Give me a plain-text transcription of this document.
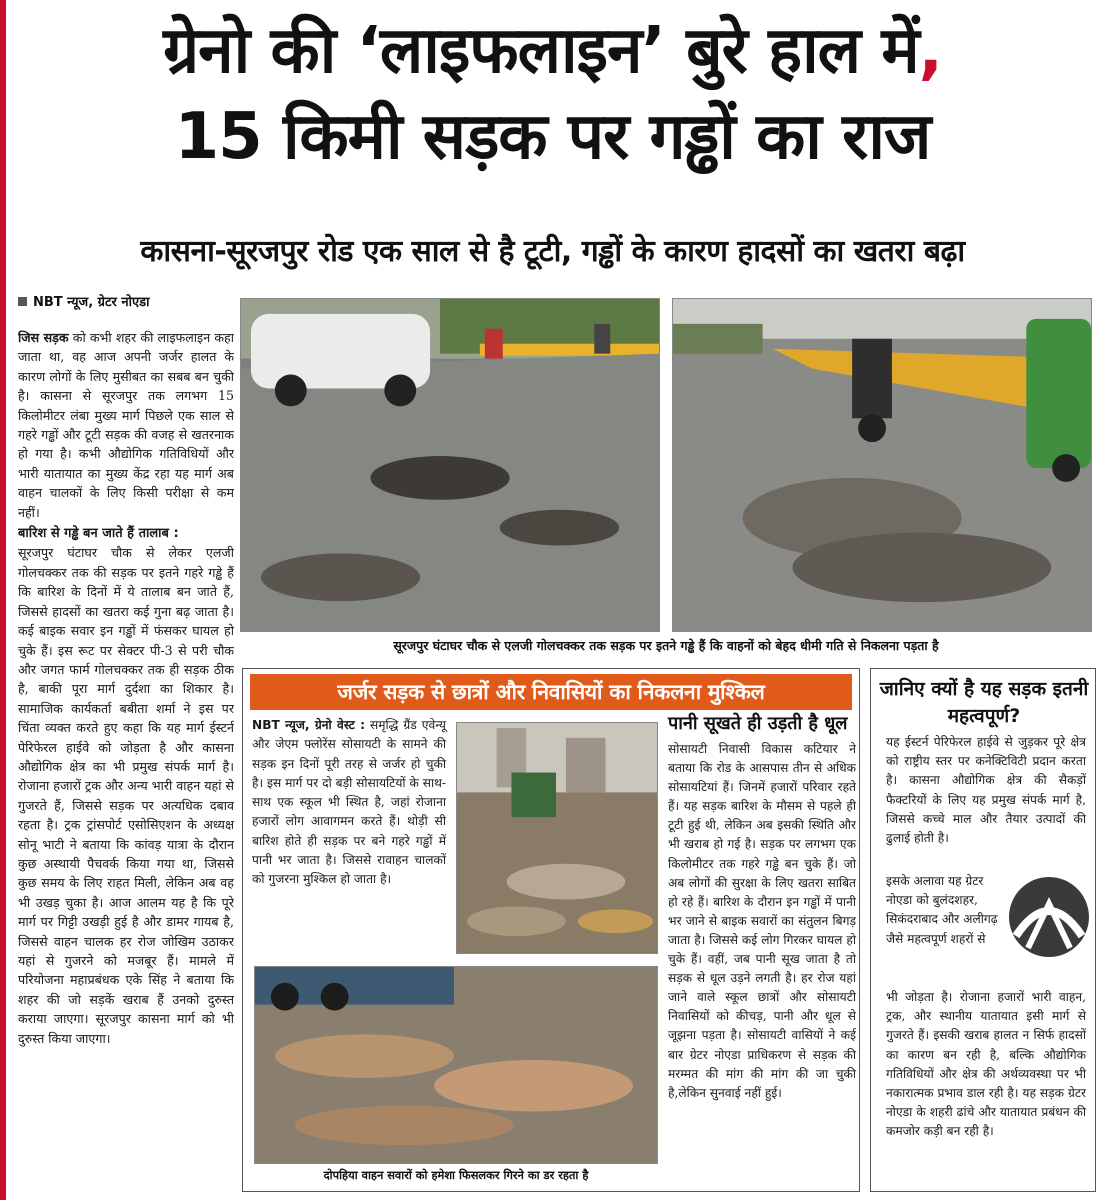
ग्रेनो की ‘लाइफलाइन’ बुरे हाल में,
15 किमी सड़क पर गड्ढों का राज
कासना-सूरजपुर रोड एक साल से है टूटी, गड्ढों के कारण हादसों का खतरा बढ़ा
NBT न्यूज, ग्रेटर नोएडा

जिस सड़क को कभी शहर की लाइफलाइन कहा जाता था, वह आज अपनी जर्जर हालत के कारण लोगों के लिए मुसीबत का सबब बन चुकी है। कासना से सूरजपुर तक लगभग 15 किलोमीटर लंबा मुख्य मार्ग पिछले एक साल से गहरे गड्ढों और टूटी सड़क की वजह से खतरनाक हो गया है। कभी औद्योगिक गतिविधियों और भारी यातायात का मुख्य केंद्र रहा यह मार्ग अब वाहन चालकों के लिए किसी परीक्षा से कम नहीं।

बारिश से गड्ढे बन जाते हैं तालाब :
सूरजपुर घंटाघर चौक से लेकर एलजी गोलचक्कर तक की सड़क पर इतने गहरे गड्ढे हैं कि बारिश के दिनों में ये तालाब बन जाते हैं, जिससे हादसों का खतरा कई गुना बढ़ जाता है। कई बाइक सवार इन गड्ढों में फंसकर घायल हो चुके हैं। इस रूट पर सेक्टर पी-3 से परी चौक और जगत फार्म गोलचक्कर तक ही सड़क ठीक है, बाकी पूरा मार्ग दुर्दशा का शिकार है। सामाजिक कार्यकर्ता बबीता शर्मा ने इस पर चिंता व्यक्त करते हुए कहा कि यह मार्ग ईस्टर्न पेरिफेरल हाईवे को जोड़ता है और कासना औद्योगिक क्षेत्र का भी प्रमुख संपर्क मार्ग है। रोजाना हजारों ट्रक और अन्य भारी वाहन यहां से गुजरते हैं, जिससे सड़क पर अत्यधिक दबाव रहता है। ट्रक ट्रांसपोर्ट एसोसिएशन के अध्यक्ष सोनू भाटी ने बताया कि कांवड़ यात्रा के दौरान कुछ अस्थायी पैचवर्क किया गया था, जिससे कुछ समय के लिए राहत मिली, लेकिन अब वह भी उखड़ चुका है। आज आलम यह है कि पूरे मार्ग पर गिट्टी उखड़ी हुई है और डामर गायब है, जिससे वाहन चालक हर रोज जोखिम उठाकर यहां से गुजरने को मजबूर हैं। मामले में परियोजना महाप्रबंधक एके सिंह ने बताया कि शहर की जो सड़कें खराब हैं उनको दुरुस्त कराया जाएगा। सूरजपुर कासना मार्ग को भी दुरुस्त किया जाएगा।

सूरजपुर घंटाघर चौक से एलजी गोलचक्कर तक सड़क पर इतने गड्ढे हैं कि वाहनों को बेहद धीमी गति से निकलना पड़ता है
जर्जर सड़क से छात्रों और निवासियों का निकलना मुश्किल
NBT न्यूज, ग्रेनो वेस्ट : समृद्धि ग्रैंड एवेन्यू और जेएम फ्लोरेंस सोसायटी के सामने की सड़क इन दिनों पूरी तरह से जर्जर हो चुकी है। इस मार्ग पर दो बड़ी सोसायटियों के साथ-साथ एक स्कूल भी स्थित है, जहां रोजाना हजारों लोग आवागमन करते हैं। थोड़ी सी बारिश होते ही सड़क पर बने गहरे गड्ढों में पानी भर जाता है। जिससे रावाहन चालकों को गुजरना मुश्किल हो जाता है।
दोपहिया वाहन सवारों को हमेशा फिसलकर गिरने का डर रहता है
पानी सूखते ही उड़ती है धूल
सोसायटी निवासी विकास कटियार ने बताया कि रोड के आसपास तीन से अधिक सोसायटियां हैं। जिनमें हजारों परिवार रहते हैं। यह सड़क बारिश के मौसम से पहले ही टूटी हुई थी, लेकिन अब इसकी स्थिति और भी खराब हो गई है। सड़क पर लगभग एक किलोमीटर तक गहरे गड्ढे बन चुके हैं। जो अब लोगों की सुरक्षा के लिए खतरा साबित हो रहे हैं। बारिश के दौरान इन गड्ढों में पानी भर जाने से बाइक सवारों का संतुलन बिगड़ जाता है। जिससे कई लोग गिरकर घायल हो चुके हैं। वहीं, जब पानी सूख जाता है तो सड़क से धूल उड़ने लगती है। हर रोज यहां जाने वाले स्कूल छात्रों और सोसायटी निवासियों को कीचड़, पानी और धूल से जूझना पड़ता है। सोसायटी वासियों ने कई बार ग्रेटर नोएडा प्राधिकरण से सड़क की मरम्मत की मांग की मांग की जा चुकी है,लेकिन सुनवाई नहीं हुई।
जानिए क्यों है यह सड़क इतनी महत्वपूर्ण?
यह ईस्टर्न पेरिफेरल हाईवे से जुड़कर पूरे क्षेत्र को राष्ट्रीय स्तर पर कनेक्टिविटी प्रदान करता है। कासना औद्योगिक क्षेत्र की सैकड़ों फैक्टरियों के लिए यह प्रमुख संपर्क मार्ग है, जिससे कच्चे माल और तैयार उत्पादों की ढुलाई होती है।
इसके अलावा यह ग्रेटर नोएडा को बुलंदशहर, सिकंदराबाद और अलीगढ़ जैसे महत्वपूर्ण शहरों से
भी जोड़ता है। रोजाना हजारों भारी वाहन, ट्रक, और स्थानीय यातायात इसी मार्ग से गुजरते हैं। इसकी खराब हालत न सिर्फ हादसों का कारण बन रही है, बल्कि औद्योगिक गतिविधियों और क्षेत्र की अर्थव्यवस्था पर भी नकारात्मक प्रभाव डाल रही है। यह सड़क ग्रेटर नोएडा के शहरी ढांचे और यातायात प्रबंधन की कमजोर कड़ी बन रही है।
